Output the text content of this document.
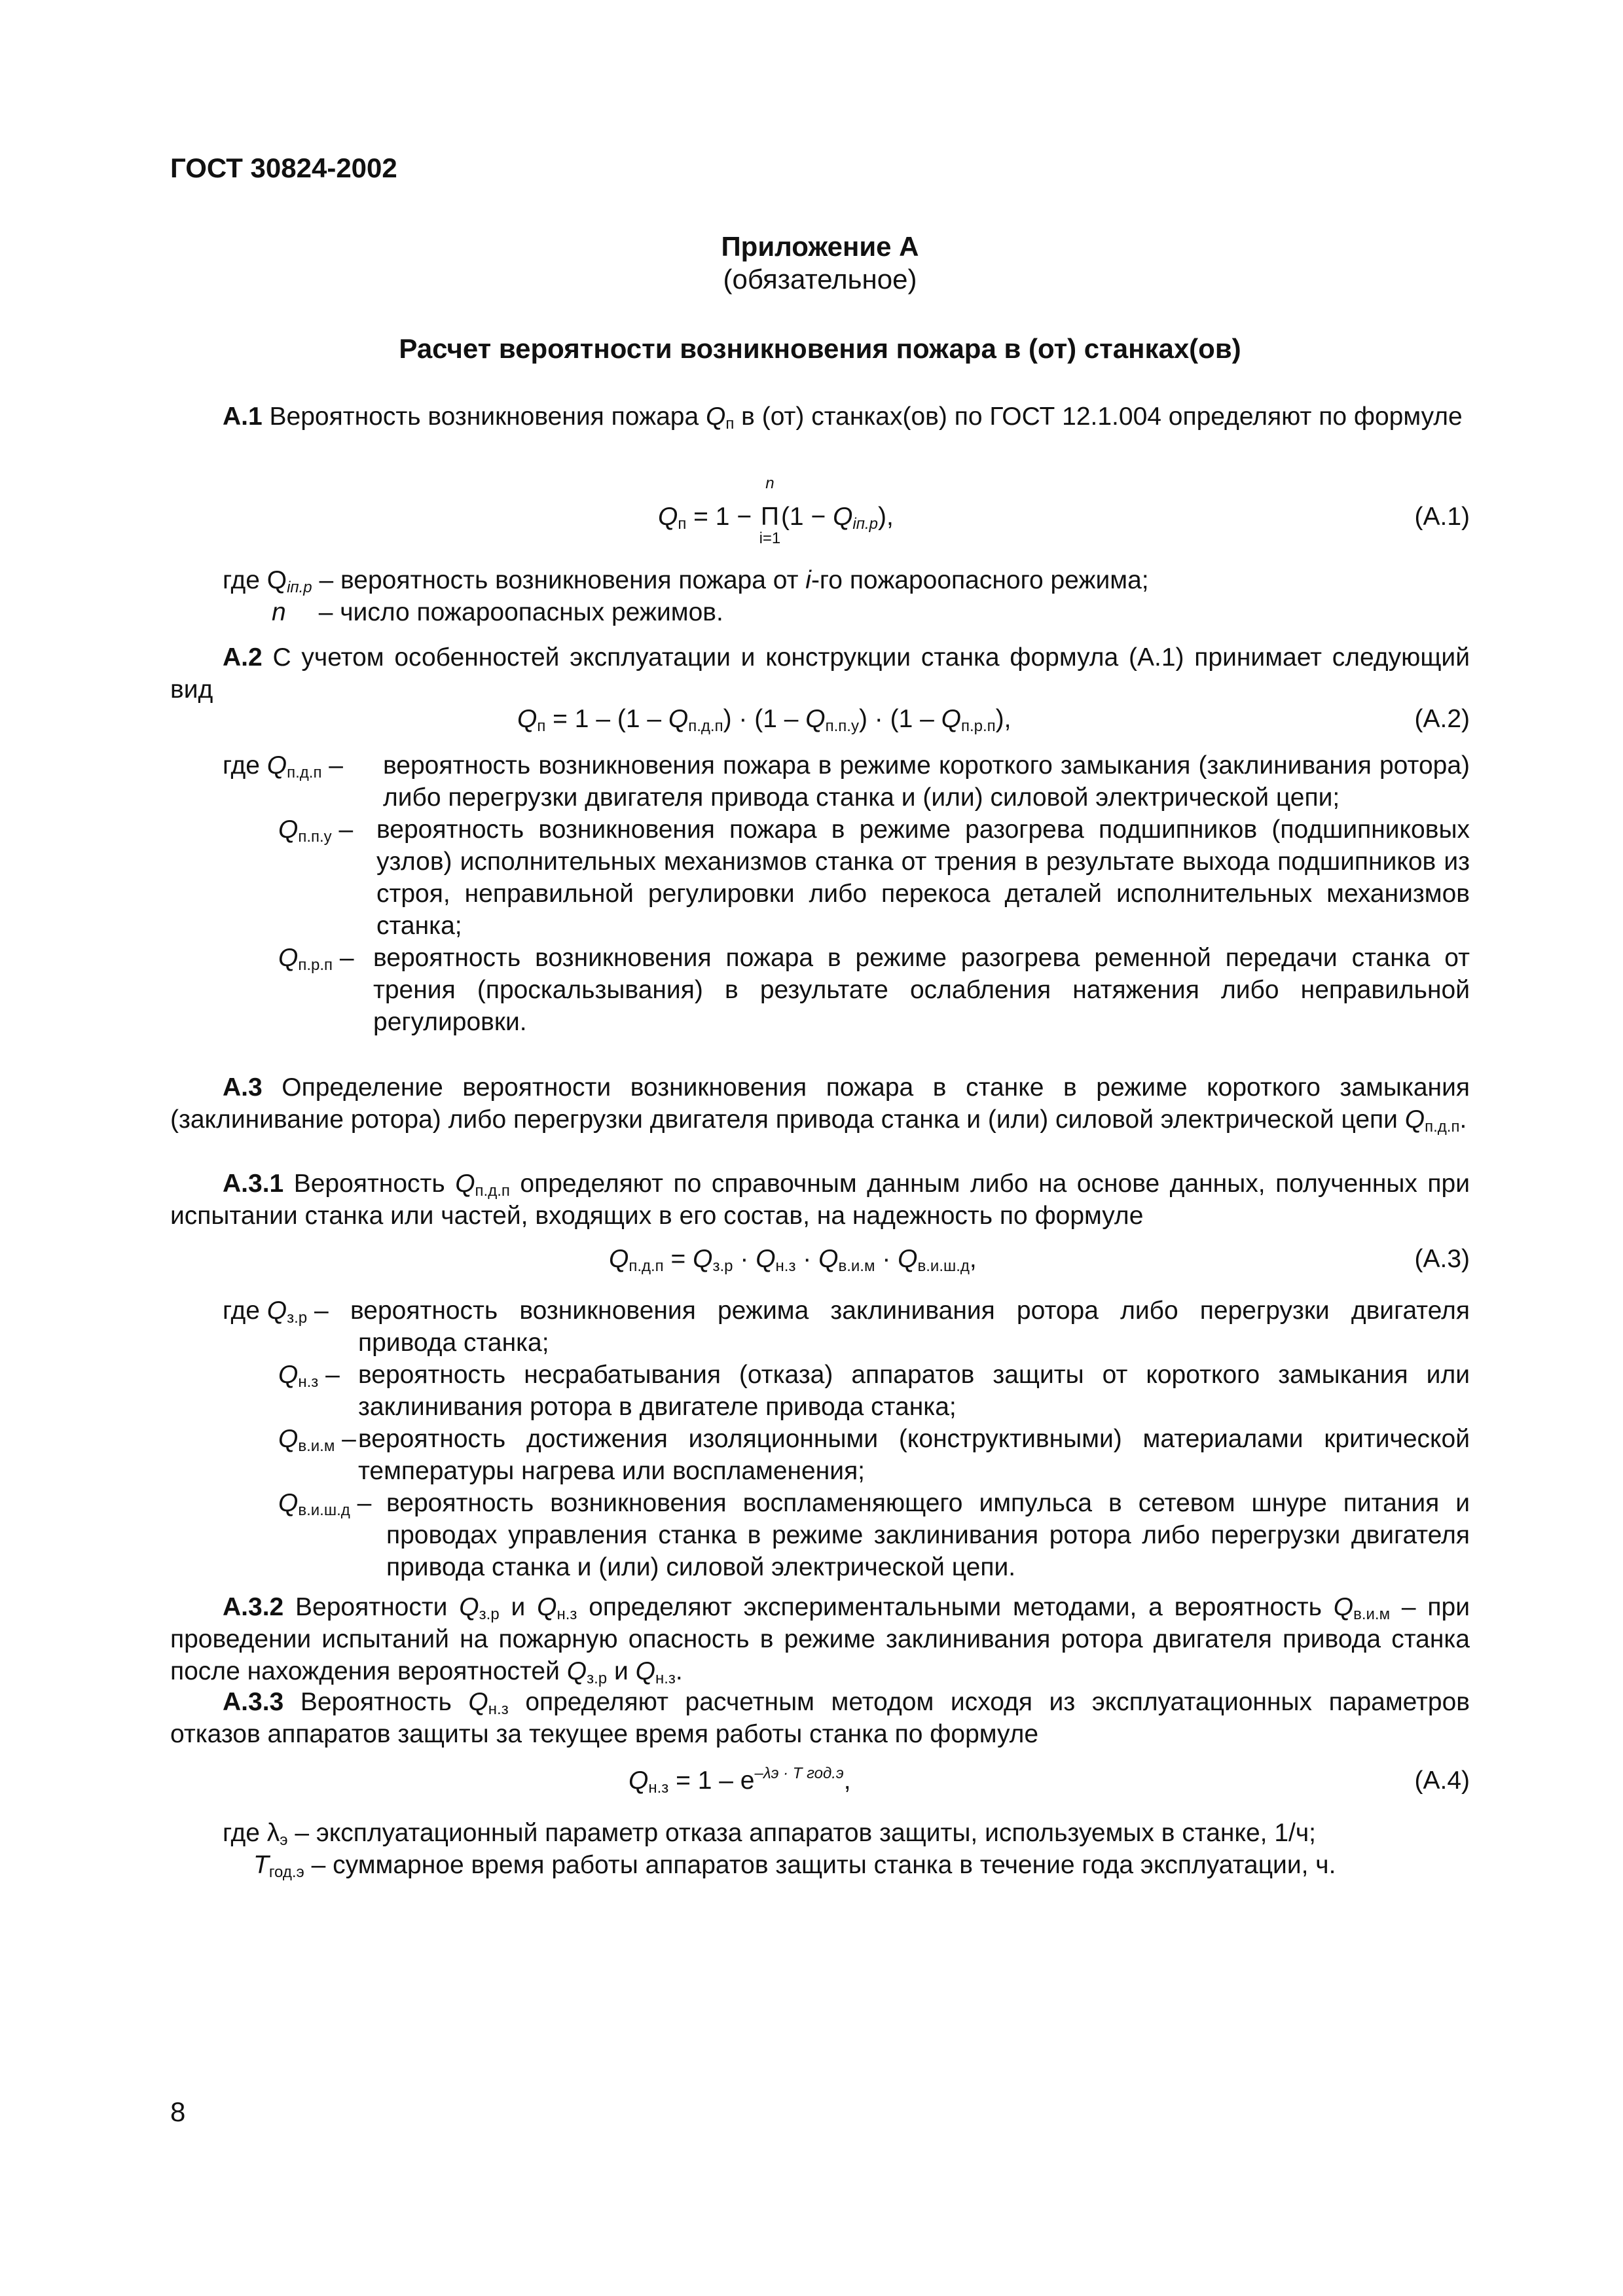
ГОСТ 30824-2002
Приложение А
(обязательное)
Расчет вероятности возникновения пожара в (от) станках(ов)
А.1 Вероятность возникновения пожара $Q_п$ в (от) станках(ов) по ГОСТ 12.1.004 определяют по формуле
$Q_п = 1$ −
n
Π
i=1
$(1 - Q_{iп.р})$,	(А.1)
где $Q_{iп.р}$ – вероятность возникновения пожара от i-го пожароопасного режима;
n – число пожароопасных режимов.
А.2 С учетом особенностей эксплуатации и конструкции станка формула (А.1) принимает следующий вид
$Q_п = 1 - (1 - Q_{п.д.п}) \cdot (1 - Q_{п.п.у}) \cdot (1 - Q_{п.р.п})$,	(А.2)
где $Q_{п.д.п}$ – вероятность возникновения пожара в режиме короткого замыкания (заклинивания ротора) либо перегрузки двигателя привода станка и (или) силовой электрической цепи;
$Q_{п.п.у}$ – вероятность возникновения пожара в режиме разогрева подшипников (подшипниковых узлов) исполнительных механизмов станка от трения в результате выхода подшипников из строя, неправильной регулировки либо перекоса деталей исполнительных механизмов станка;
$Q_{п.р.п}$ – вероятность возникновения пожара в режиме разогрева ременной передачи станка от трения (проскальзывания) в результате ослабления натяжения либо неправильной регулировки.
А.3 Определение вероятности возникновения пожара в станке в режиме короткого замыкания (заклинивание ротора) либо перегрузки двигателя привода станка и (или) силовой электрической цепи $Q_{п.д.п}$.
А.3.1 Вероятность $Q_{п.д.п}$ определяют по справочным данным либо на основе данных, полученных при испытании станка или частей, входящих в его состав, на надежность по формуле
$Q_{п.д.п} = Q_{з.р} \cdot Q_{н.з} \cdot Q_{в.и.м} \cdot Q_{в.и.ш.д}$,	(А.3)
где $Q_{з.р}$ – вероятность возникновения режима заклинивания ротора либо перегрузки двигателя привода станка;
$Q_{н.з}$ – вероятность несрабатывания (отказа) аппаратов защиты от короткого замыкания или заклинивания ротора в двигателе привода станка;
$Q_{в.и.м}$ – вероятность достижения изоляционными (конструктивными) материалами критической температуры нагрева или воспламенения;
$Q_{в.и.ш.д}$ – вероятность возникновения воспламеняющего импульса в сетевом шнуре питания и проводах управления станка в режиме заклинивания ротора либо перегрузки двигателя привода станка и (или) силовой электрической цепи.
А.3.2 Вероятности $Q_{з.р}$ и $Q_{н.з}$ определяют экспериментальными методами, а вероятность $Q_{в.и.м}$ – при проведении испытаний на пожарную опасность в режиме заклинивания ротора двигателя привода станка после нахождения вероятностей $Q_{з.р}$ и $Q_{н.з}$.
А.3.3 Вероятность $Q_{н.з}$ определяют расчетным методом исходя из эксплуатационных параметров отказов аппаратов защиты за текущее время работы станка по формуле
$Q_{н.з} = 1 - e^{-\lambda э \cdot T год.э}$,	(А.4)
где $\lambda_э$ – эксплуатационный параметр отказа аппаратов защиты, используемых в станке, 1/ч;
$T_{год.э}$ – суммарное время работы аппаратов защиты станка в течение года эксплуатации, ч.
8
